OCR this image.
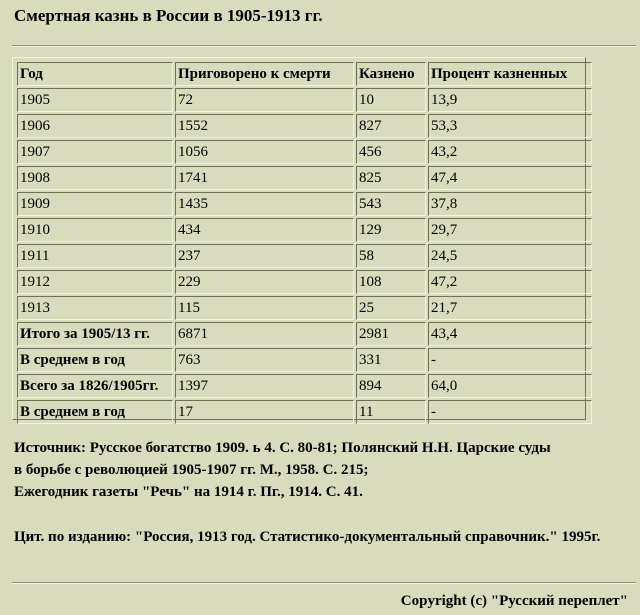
Смертная казнь в России в 1905-1913 гг.
Год	Приговорено к смерти	Казнено	Процент казненных
1905	72	10	13,9
1906	1552	827	53,3
1907	1056	456	43,2
1908	1741	825	47,4
1909	1435	543	37,8
1910	434	129	29,7
1911	237	58	24,5
1912	229	108	47,2
1913	115	25	21,7
Итого за 1905/13 гг.	6871	2981	43,4
В среднем в год	763	331	-
Всего за 1826/1905гг.	1397	894	64,0
В среднем в год	17	11	-
Источник: Русское богатство 1909. ь 4. С. 80-81; Полянский Н.Н. Царские суды
в борьбе с революцией 1905-1907 гг. М., 1958. С. 215;
Ежегодник газеты "Речь" на 1914 г. Пг., 1914. С. 41.
Цит. по изданию: "Россия, 1913 год. Статистико-документальный справочник." 1995г.
Copyright (c) "Русский переплет"
